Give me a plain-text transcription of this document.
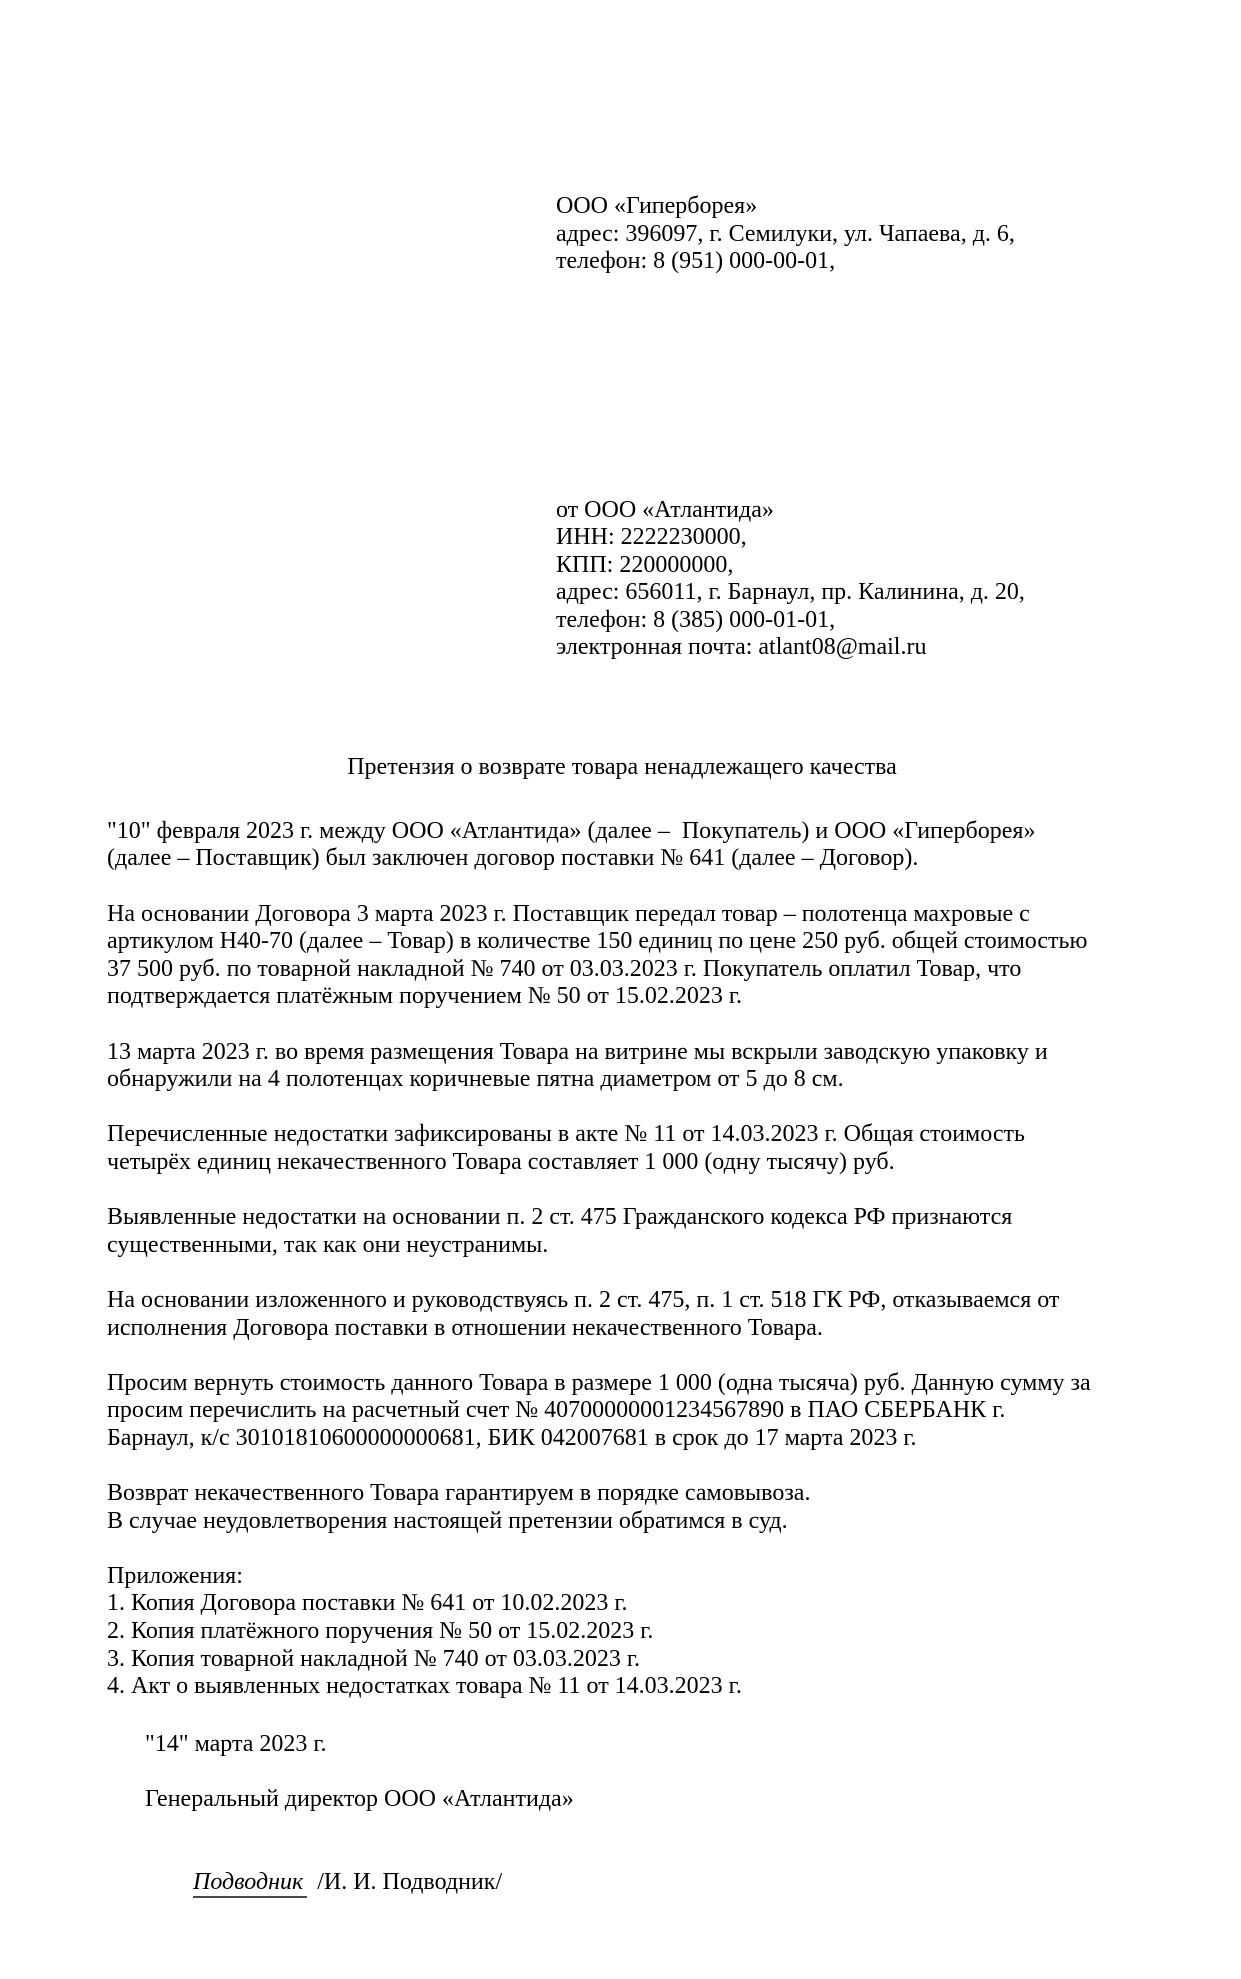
ООО «Гиперборея»
адрес: 396097, г. Семилуки, ул. Чапаева, д. 6,
телефон: 8 (951) 000-00-01,

от ООО «Атлантида»
ИНН: 2222230000,
КПП: 220000000,
адрес: 656011, г. Барнаул, пр. Калинина, д. 20,
телефон: 8 (385) 000-01-01,
электронная почта: atlant08@mail.ru

Претензия о возврате товара ненадлежащего качества

"10" февраля 2023 г. между ООО «Атлантида» (далее –  Покупатель) и ООО «Гиперборея»
(далее – Поставщик) был заключен договор поставки № 641 (далее – Договор).

На основании Договора 3 марта 2023 г. Поставщик передал товар – полотенца махровые с
артикулом Н40-70 (далее – Товар) в количестве 150 единиц по цене 250 руб. общей стоимостью
37 500 руб. по товарной накладной № 740 от 03.03.2023 г. Покупатель оплатил Товар, что
подтверждается платёжным поручением № 50 от 15.02.2023 г.

13 марта 2023 г. во время размещения Товара на витрине мы вскрыли заводскую упаковку и
обнаружили на 4 полотенцах коричневые пятна диаметром от 5 до 8 см.

Перечисленные недостатки зафиксированы в акте № 11 от 14.03.2023 г. Общая стоимость
четырёх единиц некачественного Товара составляет 1 000 (одну тысячу) руб.

Выявленные недостатки на основании п. 2 ст. 475 Гражданского кодекса РФ признаются
существенными, так как они неустранимы.

На основании изложенного и руководствуясь п. 2 ст. 475, п. 1 ст. 518 ГК РФ, отказываемся от
исполнения Договора поставки в отношении некачественного Товара.

Просим вернуть стоимость данного Товара в размере 1 000 (одна тысяча) руб. Данную сумму за
просим перечислить на расчетный счет № 40700000001234567890 в ПАО СБЕРБАНК г.
Барнаул, к/с 30101810600000000681, БИК 042007681 в срок до 17 марта 2023 г.

Возврат некачественного Товара гарантируем в порядке самовывоза.
В случае неудовлетворения настоящей претензии обратимся в суд.

Приложения:
1. Копия Договора поставки № 641 от 10.02.2023 г.
2. Копия платёжного поручения № 50 от 15.02.2023 г.
3. Копия товарной накладной № 740 от 03.03.2023 г.
4. Акт о выявленных недостатках товара № 11 от 14.03.2023 г.
"14" марта 2023 г.
Генеральный директор ООО «Атлантида»

Подводник /И. И. Подводник/
